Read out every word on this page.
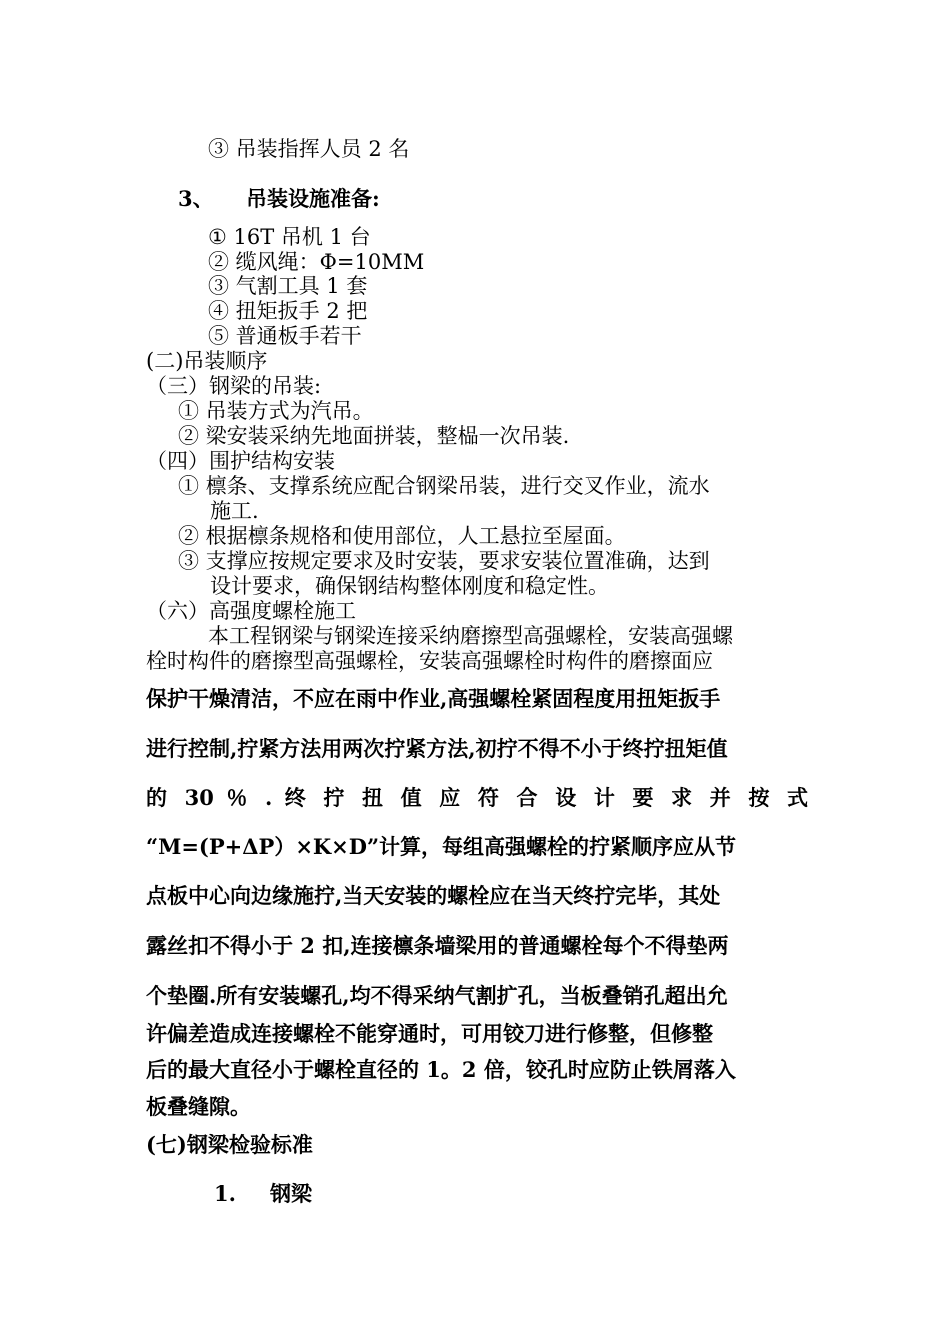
③ 吊装指挥人员 2 名

3、 吊装设施准备:

① 16T 吊机 1 台

② 缆风绳：Φ=10MM

③ 气割工具 1 套

④ 扭矩扳手 2 把

⑤ 普通板手若干

(二)吊装顺序

（三）钢梁的吊装:

① 吊装方式为汽吊。

② 梁安装采纳先地面拼装，整榀一次吊装.

（四）围护结构安装

① 檩条、支撑系统应配合钢梁吊装，进行交叉作业，流水

施工.

② 根据檩条规格和使用部位，人工悬拉至屋面。

③ 支撑应按规定要求及时安装，要求安装位置准确，达到

设计要求，确保钢结构整体刚度和稳定性。

（六）高强度螺栓施工

本工程钢梁与钢梁连接采纳磨擦型高强螺栓，安装高强螺

栓时构件的磨擦型高强螺栓，安装高强螺栓时构件的磨擦面应

保护干燥清洁，不应在雨中作业,高强螺栓紧固程度用扭矩扳手

进行控制,拧紧方法用两次拧紧方法,初拧不得不小于终拧扭矩值

的 30 ％ . 终 拧 扭 值 应 符 合 设 计 要 求 并 按 式

“M=(P+ΔP）×K×D”计算，每组高强螺栓的拧紧顺序应从节

点板中心向边缘施拧,当天安装的螺栓应在当天终拧完毕，其处

露丝扣不得小于 2 扣,连接檩条墙梁用的普通螺栓每个不得垫两

个垫圈.所有安装螺孔,均不得采纳气割扩孔，当板叠销孔超出允

许偏差造成连接螺栓不能穿通时，可用铰刀进行修整，但修整

后的最大直径小于螺栓直径的 1。2 倍，铰孔时应防止铁屑落入

板叠缝隙。

(七)钢梁检验标准

1. 钢梁
